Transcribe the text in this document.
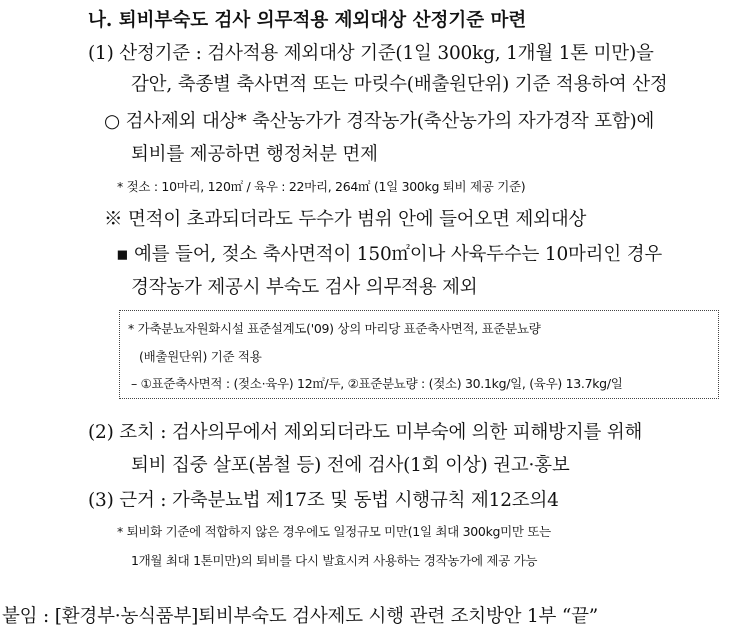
나. 퇴비부숙도 검사 의무적용 제외대상 산정기준 마련
(1) 산정기준 : 검사적용 제외대상 기준(1일 300kg, 1개월 1톤 미만)을
감안, 축종별 축사면적 또는 마릿수(배출원단위) 기준 적용하여 산정
○ 검사제외 대상* 축산농가가 경작농가(축산농가의 자가경작 포함)에
퇴비를 제공하면 행정처분 면제
* 젖소 : 10마리, 120㎡ / 육우 : 22마리, 264㎡ (1일 300kg 퇴비 제공 기준)
※ 면적이 초과되더라도 두수가 범위 안에 들어오면 제외대상
▪ 예를 들어, 젖소 축사면적이 150㎡이나 사육두수는 10마리인 경우
경작농가 제공시 부숙도 검사 의무적용 제외
* 가축분뇨자원화시설 표준설계도('09) 상의 마리당 표준축사면적, 표준분뇨량
(배출원단위) 기준 적용
– ①표준축사면적 : (젖소·육우) 12㎡/두, ②표준분뇨량 : (젖소) 30.1kg/일, (육우) 13.7kg/일
(2) 조치 : 검사의무에서 제외되더라도 미부숙에 의한 피해방지를 위해
퇴비 집중 살포(봄철 등) 전에 검사(1회 이상) 권고·홍보
(3) 근거 : 가축분뇨법 제17조 및 동법 시행규칙 제12조의4
* 퇴비화 기준에 적합하지 않은 경우에도 일정규모 미만(1일 최대 300kg미만 또는
1개월 최대 1톤미만)의 퇴비를 다시 발효시켜 사용하는 경작농가에 제공 가능
붙임 : [환경부·농식품부]퇴비부숙도 검사제도 시행 관련 조치방안 1부 “끝”
